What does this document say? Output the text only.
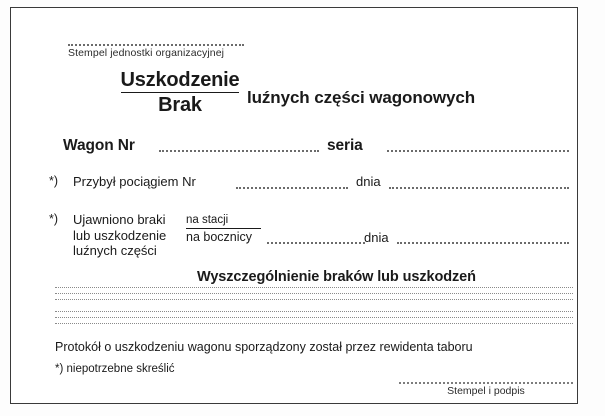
Stempel jednostki organizacyjnej
Uszkodzenie
Brak	luźnych części wagonowych
Wagon Nr	seria
*) Przybył pociągiem Nr	dnia
*) Ujawniono braki
lub uszkodzenie
luźnych części
na stacji
na bocznicy	dnia
Wyszczególnienie braków lub uszkodzeń
Protokół o uszkodzeniu wagonu sporządzony został przez rewidenta taboru
*) niepotrzebne skreślić
Stempel i podpis
